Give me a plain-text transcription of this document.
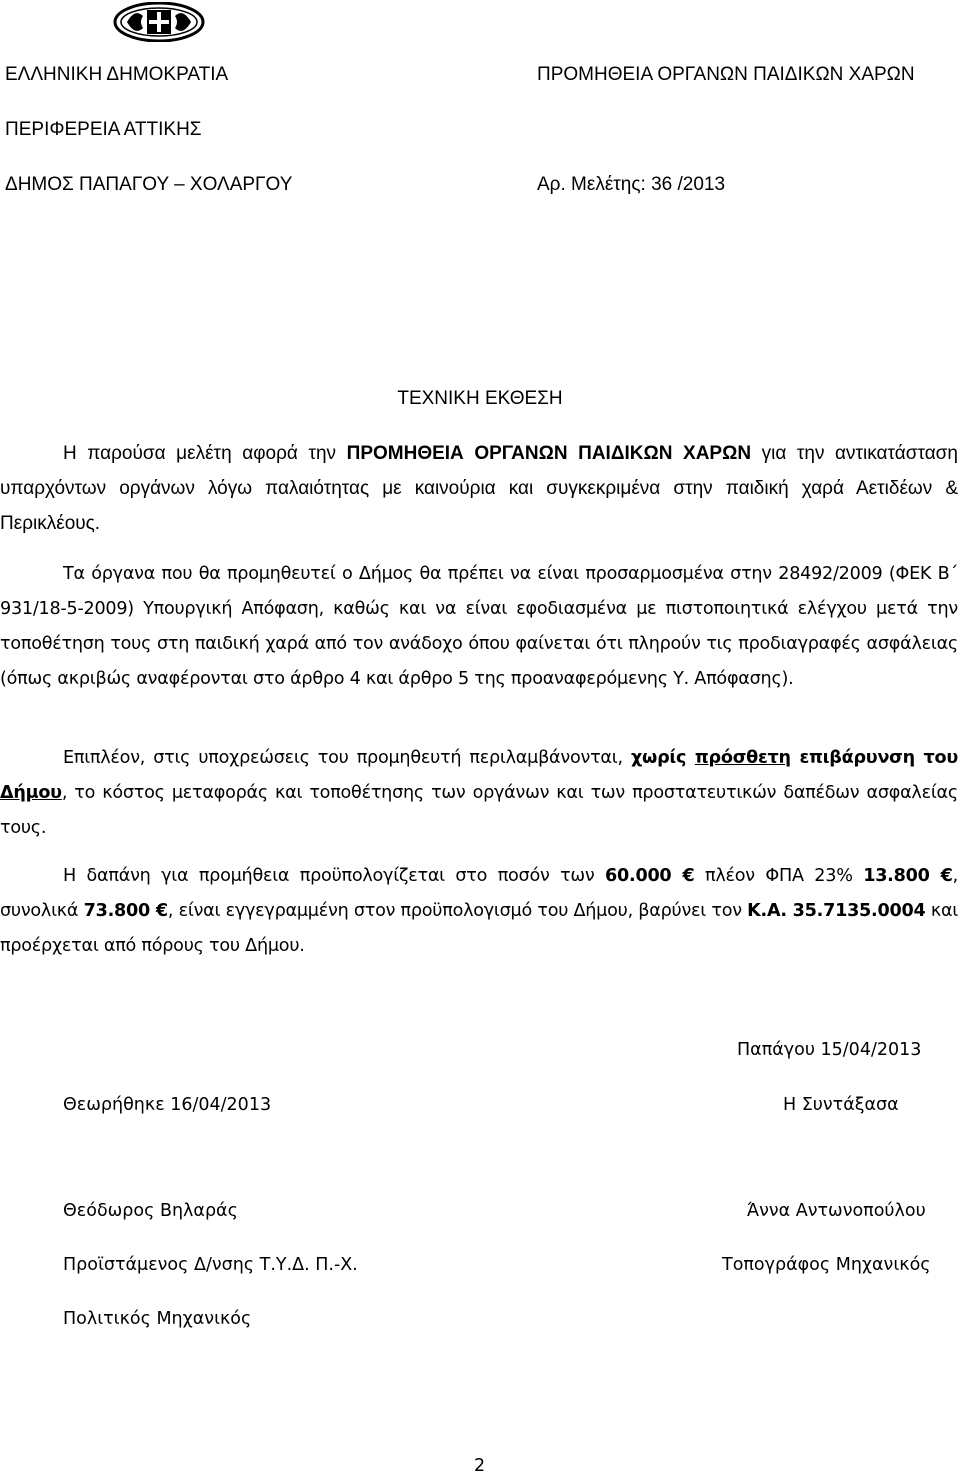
ΕΛΛΗΝΙΚΗ ΔΗΜΟΚΡΑΤΙΑ	ΠΡΟΜΗΘΕΙΑ ΟΡΓΑΝΩΝ ΠΑΙΔΙΚΩΝ ΧΑΡΩΝ
ΠΕΡΙΦΕΡΕΙΑ ΑΤΤΙΚΗΣ
ΔΗΜΟΣ ΠΑΠΑΓΟΥ – ΧΟΛΑΡΓΟΥ	Αρ. Μελέτης: 36 /2013
ΤΕΧΝΙΚΗ ΕΚΘΕΣΗ
Η παρούσα μελέτη αφορά την ΠΡΟΜΗΘΕΙΑ ΟΡΓΑΝΩΝ ΠΑΙΔΙΚΩΝ ΧΑΡΩΝ για την αντικατάσταση υπαρχόντων οργάνων λόγω παλαιότητας με καινούρια και συγκεκριμένα στην παιδική χαρά Αετιδέων & Περικλέους.
Τα όργανα που θα προμηθευτεί ο Δήμος θα πρέπει να είναι προσαρμοσμένα στην 28492/2009 (ΦΕΚ Β΄ 931/18-5-2009) Υπουργική Απόφαση, καθώς και να είναι εφοδιασμένα με πιστοποιητικά ελέγχου μετά την τοποθέτηση τους στη παιδική χαρά από τον ανάδοχο όπου φαίνεται ότι πληρούν τις προδιαγραφές ασφάλειας (όπως ακριβώς αναφέρονται στο άρθρο 4 και άρθρο 5 της προαναφερόμενης Υ. Απόφασης).
Επιπλέον, στις υποχρεώσεις του προμηθευτή περιλαμβάνονται, χωρίς πρόσθετη επιβάρυνση του Δήμου, το κόστος μεταφοράς και τοποθέτησης των οργάνων και των προστατευτικών δαπέδων ασφαλείας τους.
Η δαπάνη για προμήθεια προϋπολογίζεται στο ποσόν των 60.000 € πλέον ΦΠΑ 23% 13.800 €, συνολικά 73.800 €, είναι εγγεγραμμένη στον προϋπολογισμό του Δήμου, βαρύνει τον Κ.Α. 35.7135.0004 και προέρχεται από πόρους του Δήμου.
Παπάγου 15/04/2013
Θεωρήθηκε 16/04/2013	Η Συντάξασα
Θεόδωρος Βηλαράς	Άννα Αντωνοπούλου
Προϊστάμενος Δ/νσης Τ.Υ.Δ. Π.-Χ.	Τοπογράφος Μηχανικός
Πολιτικός Μηχανικός
2
